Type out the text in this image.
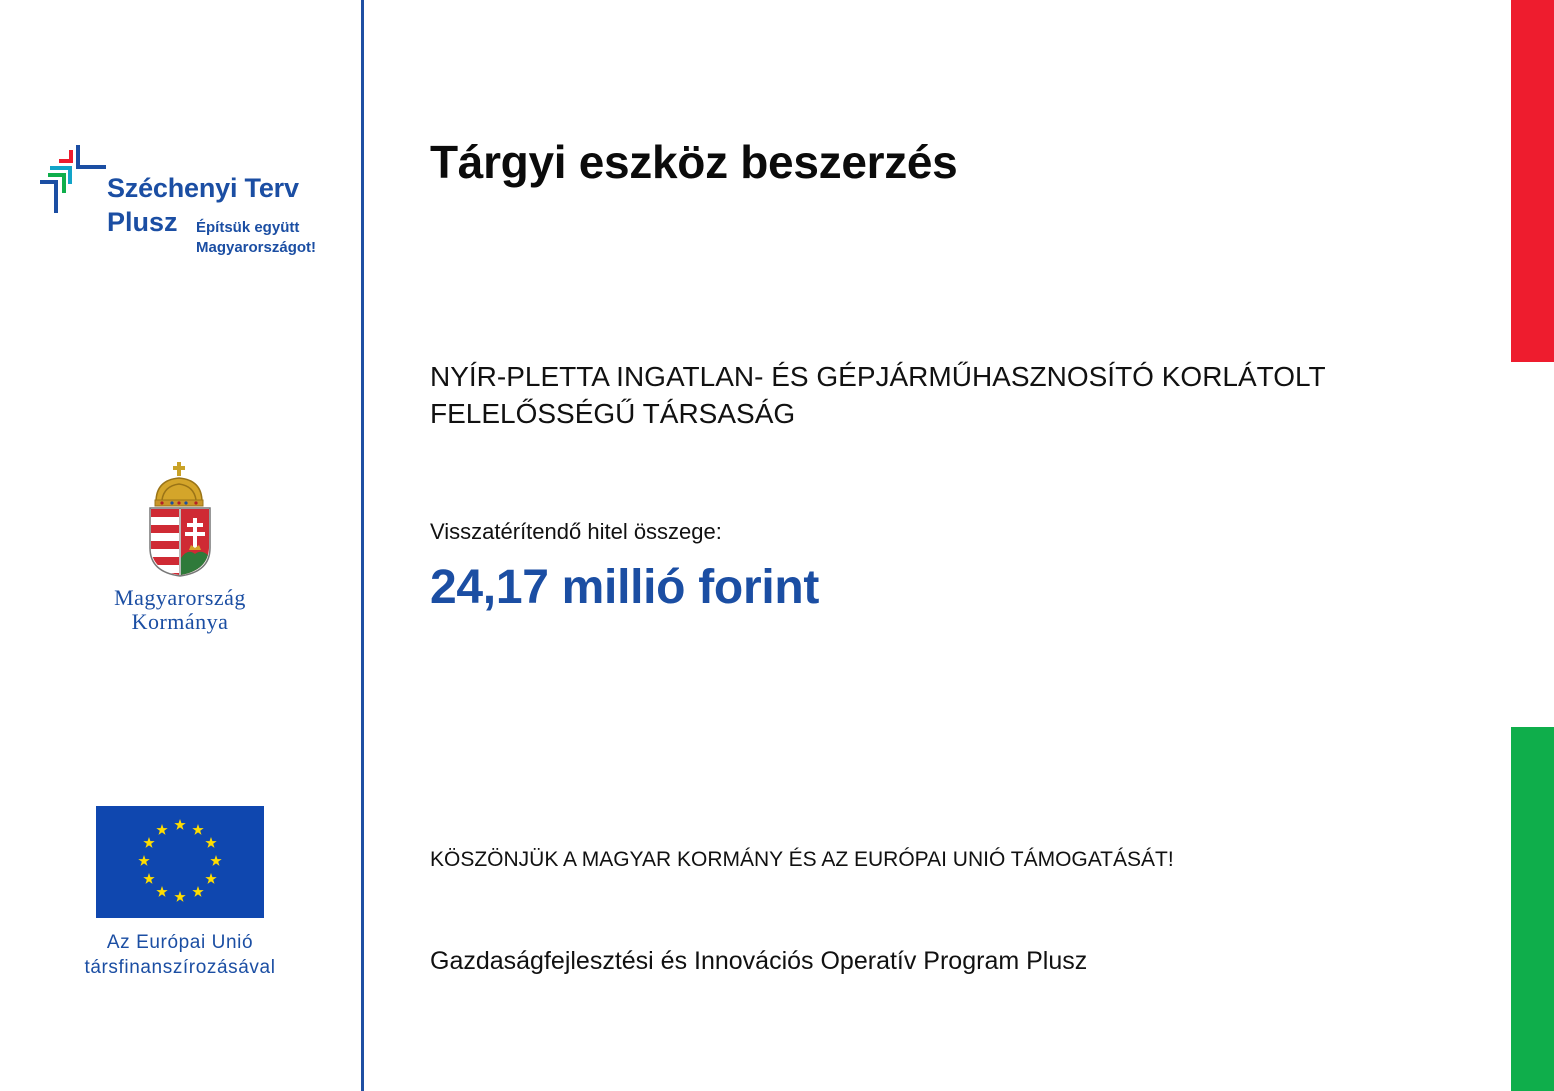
Széchenyi Terv
Plusz Építsük együtt
Magyarországot!
Magyarország
Kormánya
Az Európai Unió
társfinanszírozásával
Tárgyi eszköz beszerzés
NYÍR-PLETTA INGATLAN- ÉS GÉPJÁRMŰHASZNOSÍTÓ KORLÁTOLT
FELELŐSSÉGŰ TÁRSASÁG
Visszatérítendő hitel összege:
24,17 millió forint
KÖSZÖNJÜK A MAGYAR KORMÁNY ÉS AZ EURÓPAI UNIÓ TÁMOGATÁSÁT!
Gazdaságfejlesztési és Innovációs Operatív Program Plusz
